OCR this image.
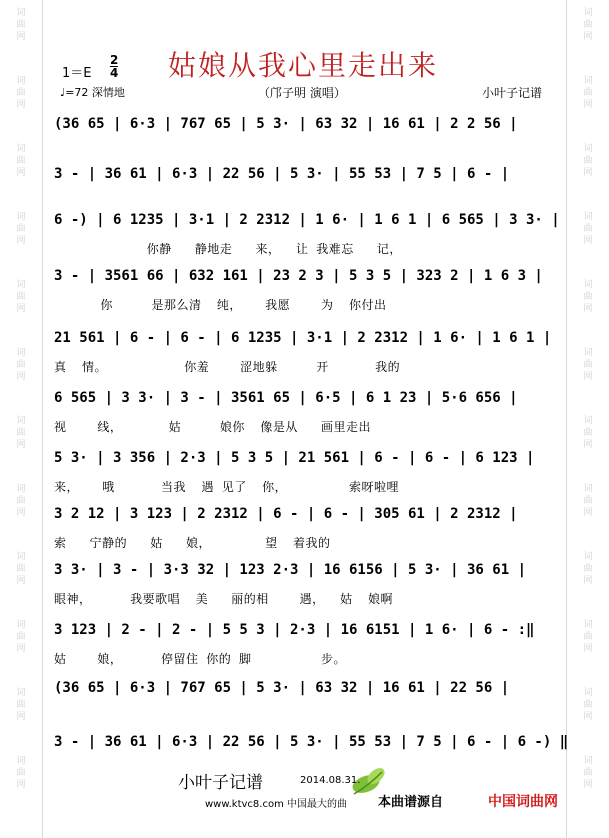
词
曲
网
词
曲
网
词
曲
网
词
曲
网
词
曲
网
词
曲
网
词
曲
网
词
曲
网
词
曲
网
词
曲
网
词
曲
网
词
曲
网
词
曲
网
词
曲
网
词
曲
网
词
曲
网
词
曲
网
词
曲
网
词
曲
网
词
曲
网
词
曲
网
词
曲
网
词
曲
网
词
曲
网
姑娘从我心里走出来
1＝E
2
4
♩=72 深情地	（邝子明 演唱）	小叶子记谱
(36 65 | 6·3 | 767 65 | 5 3· | 63 32 | 16 61 | 2 2 56 |
3 - | 36 61 | 6·3 | 22 56 | 5 3· | 55 53 | 7 5 | 6 - |
6 -) | 6 1235 | 3·1 | 2 2312 | 1 6· | 1 6 1 | 6 565 | 3 3· |
你静   静地走   来，  让 我难忘   记，
3 - | 3561 66 | 632 161 | 23 2 3 | 5 3 5 | 323 2 | 1 6 3 |
你     是那么清  纯，   我愿    为  你付出
21 561 | 6 - | 6 - | 6 1235 | 3·1 | 2 2312 | 1 6· | 1 6 1 |
真  情。          你羞    涩地躲     开      我的
6 565 | 3 3· | 3 - | 3561 65 | 6·5 | 6 1 23 | 5·6 656 |
视    线，      姑     娘你  像是从   画里走出
5 3· | 3 356 | 2·3 | 5 3 5 | 21 561 | 6 - | 6 - | 6 123 |
来，   哦      当我  遇 见了  你，        索呀啦哩
3 2 12 | 3 123 | 2 2312 | 6 - | 6 - | 305 61 | 2 2312 |
索   宁静的   姑   娘，       望  着我的
3 3· | 3 - | 3·3 32 | 123 2·3 | 16 6156 | 5 3· | 36 61 |
眼神，     我要歌唱  美   丽的相    遇，  姑  娘啊
3 123 | 2 - | 2 - | 5 5 3 | 2·3 | 16 6151 | 1 6· | 6 - :‖
姑    娘，     停留住 你的 脚         步。
(36 65 | 6·3 | 767 65 | 5 3· | 63 32 | 16 61 | 22 56 |
3 - | 36 61 | 6·3 | 22 56 | 5 3· | 55 53 | 7 5 | 6 - | 6 -) ‖
小叶子记谱	2014.08.31.
www.ktvc8.com 中国最大的曲 本曲谱源自	中国词曲网
